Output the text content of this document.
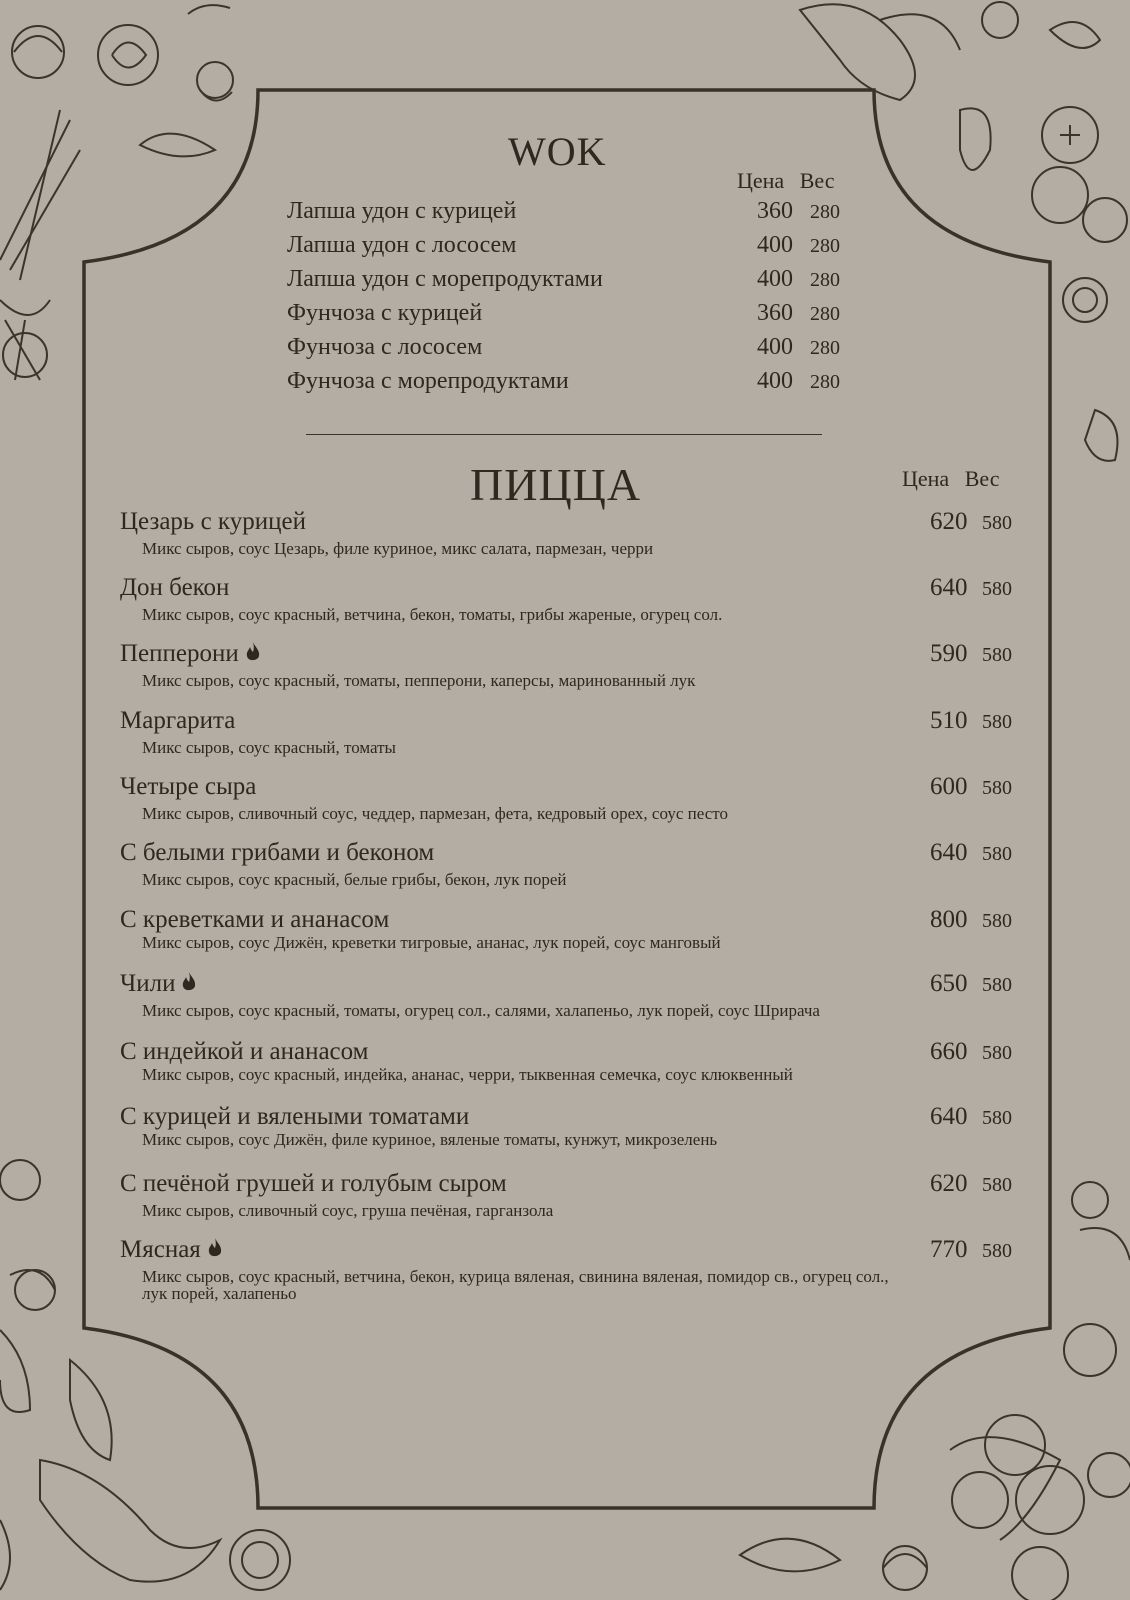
WOK
Цена Вес
Лапша удон с курицей	360 280
Лапша удон с лососем	400 280
Лапша удон с морепродуктами	400 280
Фунчоза с курицей	360 280
Фунчоза с лососем	400 280
Фунчоза с морепродуктами	400 280
ПИЦЦА	Цена Вес
Цезарь с курицей	620 580
Микс сыров, соус Цезарь, филе куриное, микс салата, пармезан, черри
Дон бекон	640 580
Микс сыров, соус красный, ветчина, бекон, томаты, грибы жареные, огурец сол.
Пепперони	590 580
Микс сыров, соус красный, томаты, пепперони, каперсы, маринованный лук
Маргарита	510 580
Микс сыров, соус красный, томаты
Четыре сыра	600 580
Микс сыров, сливочный соус, чеддер, пармезан, фета, кедровый орех, соус песто
С белыми грибами и беконом	640 580
Микс сыров, соус красный, белые грибы, бекон, лук порей
С креветками и ананасом	800 580
Микс сыров, соус Дижён, креветки тигровые, ананас, лук порей, соус манговый
Чили	650 580
Микс сыров, соус красный, томаты, огурец сол., салями, халапеньо, лук порей, соус Шрирача
С индейкой и ананасом	660 580
Микс сыров, соус красный, индейка, ананас, черри, тыквенная семечка, соус клюквенный
С курицей и вялеными томатами	640 580
Микс сыров, соус Дижён, филе куриное, вяленые томаты, кунжут, микрозелень
С печёной грушей и голубым сыром	620 580
Микс сыров, сливочный соус, груша печёная, гарганзола
Мясная	770 580
Микс сыров, соус красный, ветчина, бекон, курица вяленая, свинина вяленая, помидор св., огурец сол., лук порей, халапеньо
